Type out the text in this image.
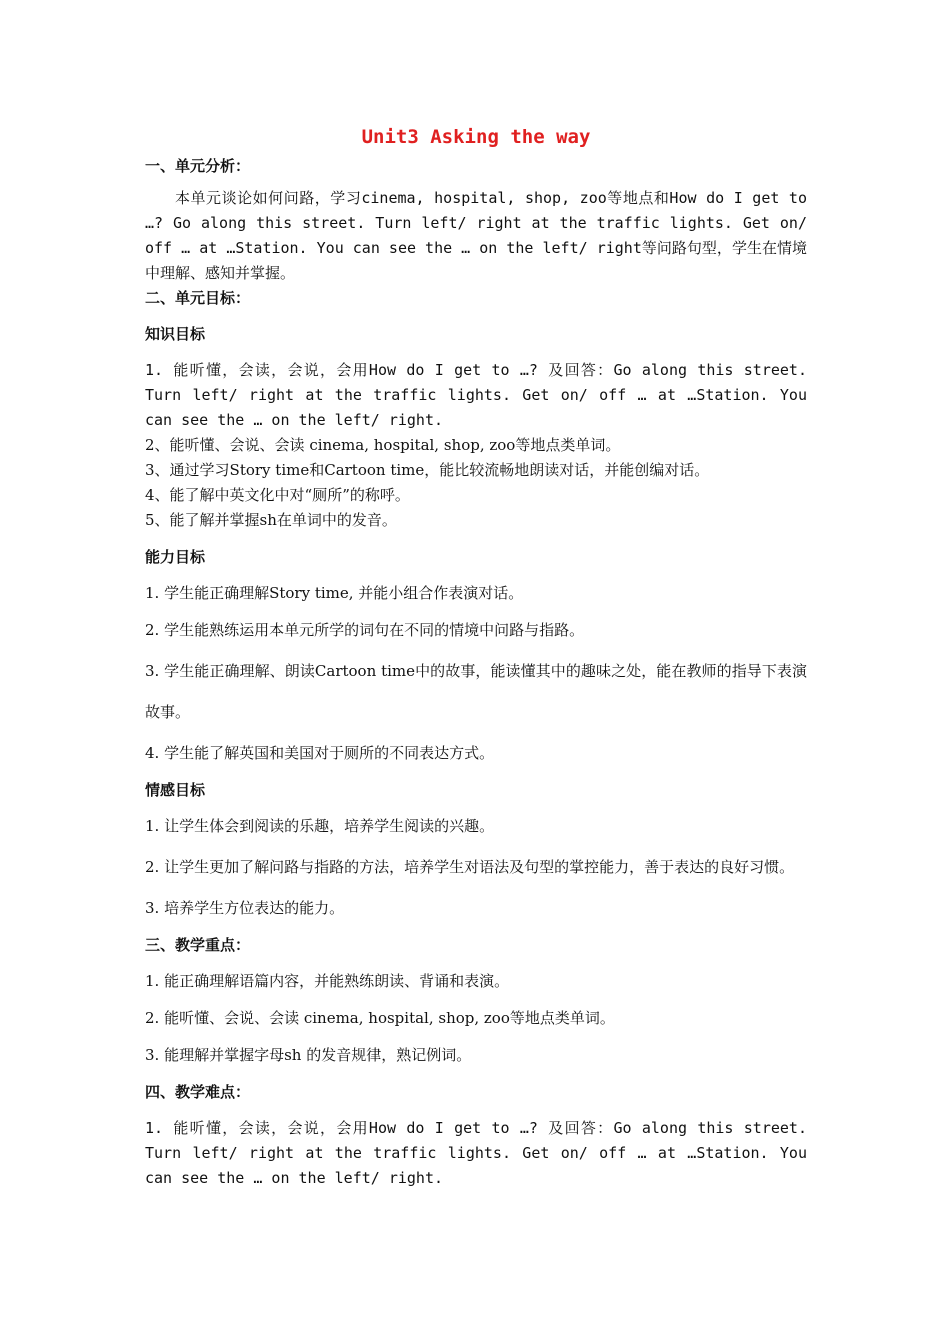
Unit3 Asking the way

一、单元分析：

本单元谈论如何问路，学习cinema, hospital, shop, zoo等地点和How do I get to …? Go along this street. Turn left/ right at the traffic lights. Get on/ off … at …Station. You can see the … on the left/ right等问路句型，学生在情境中理解、感知并掌握。

二、单元目标：

知识目标

1. 能听懂，会读，会说，会用How do I get to …? 及回答：Go along this street. Turn left/ right at the traffic lights. Get on/ off … at …Station. You can see the … on the left/ right.

2、能听懂、会说、会读 cinema, hospital, shop, zoo等地点类单词。

3、通过学习Story time和Cartoon time，能比较流畅地朗读对话，并能创编对话。

4、能了解中英文化中对“厕所”的称呼。

5、能了解并掌握sh在单词中的发音。

能力目标

1. 学生能正确理解Story time, 并能小组合作表演对话。

2. 学生能熟练运用本单元所学的词句在不同的情境中问路与指路。

3. 学生能正确理解、朗读Cartoon time中的故事，能读懂其中的趣味之处，能在教师的指导下表演故事。

4. 学生能了解英国和美国对于厕所的不同表达方式。

情感目标

1. 让学生体会到阅读的乐趣，培养学生阅读的兴趣。

2. 让学生更加了解问路与指路的方法，培养学生对语法及句型的掌控能力，善于表达的良好习惯。

3. 培养学生方位表达的能力。

三、教学重点：

1. 能正确理解语篇内容，并能熟练朗读、背诵和表演。

2. 能听懂、会说、会读 cinema, hospital, shop, zoo等地点类单词。

3. 能理解并掌握字母sh 的发音规律，熟记例词。

四、教学难点：

1. 能听懂，会读，会说，会用How do I get to …? 及回答：Go along this street. Turn left/ right at the traffic lights. Get on/ off … at …Station. You can see the … on the left/ right.
